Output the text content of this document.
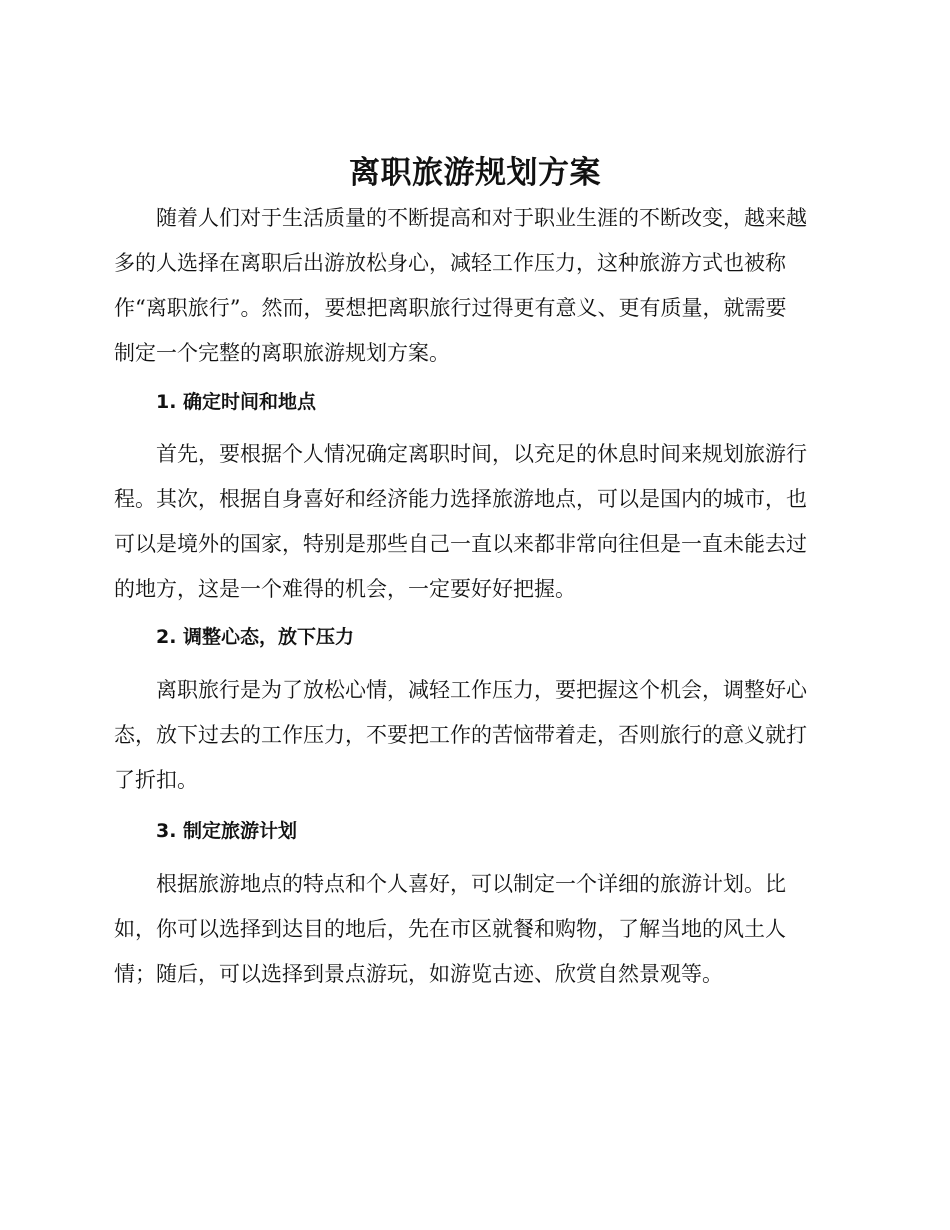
离职旅游规划方案

随着人们对于生活质量的不断提高和对于职业生涯的不断改变，越来越
多的人选择在离职后出游放松身心，减轻工作压力，这种旅游方式也被称
作“离职旅行”。然而，要想把离职旅行过得更有意义、更有质量，就需要
制定一个完整的离职旅游规划方案。

1. 确定时间和地点

首先，要根据个人情况确定离职时间，以充足的休息时间来规划旅游行
程。其次，根据自身喜好和经济能力选择旅游地点，可以是国内的城市，也
可以是境外的国家，特别是那些自己一直以来都非常向往但是一直未能去过
的地方，这是一个难得的机会，一定要好好把握。

2. 调整心态，放下压力

离职旅行是为了放松心情，减轻工作压力，要把握这个机会，调整好心
态，放下过去的工作压力，不要把工作的苦恼带着走，否则旅行的意义就打
了折扣。

3. 制定旅游计划

根据旅游地点的特点和个人喜好，可以制定一个详细的旅游计划。比
如，你可以选择到达目的地后，先在市区就餐和购物，了解当地的风土人
情；随后，可以选择到景点游玩，如游览古迹、欣赏自然景观等。
